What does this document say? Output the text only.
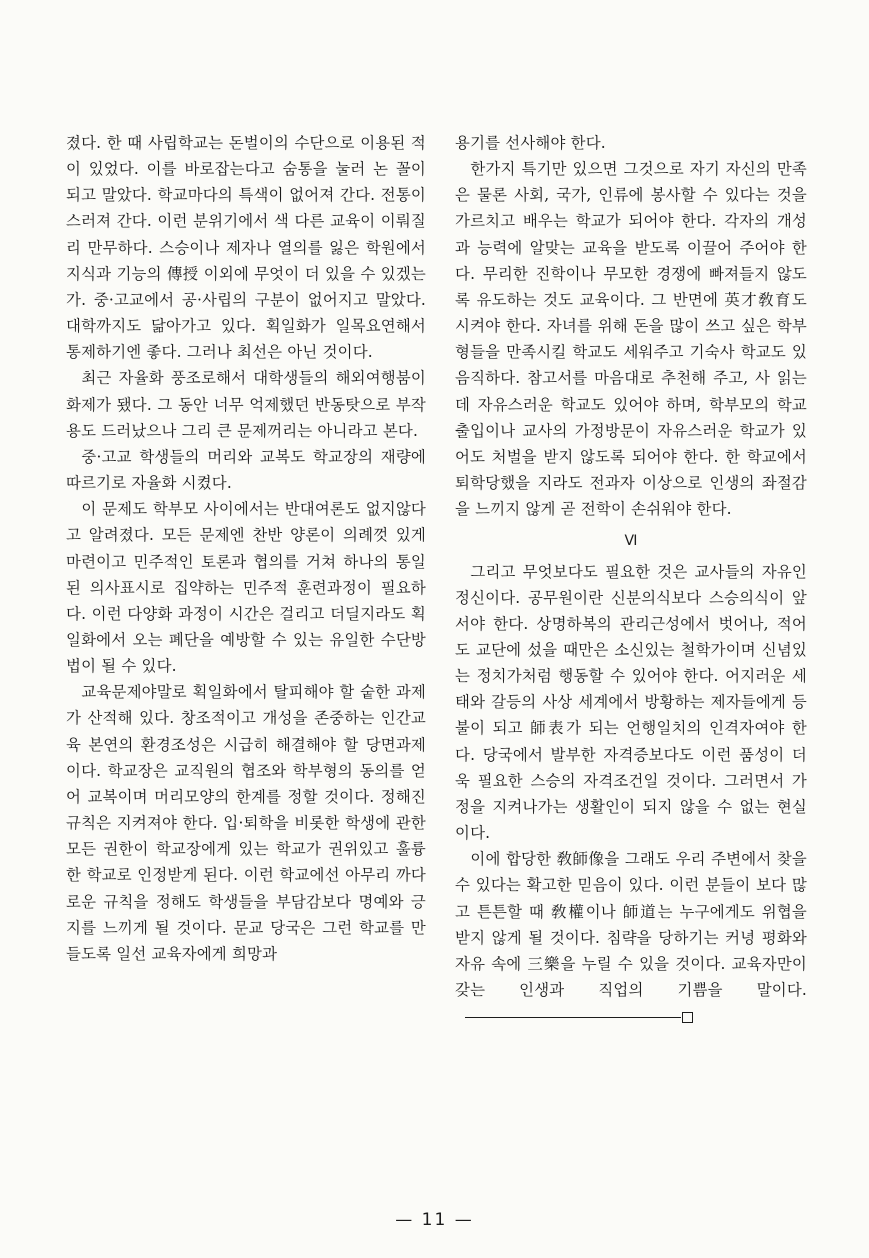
졌다. 한 때 사립학교는 돈벌이의 수단으로 이용된 적이 있었다. 이를 바로잡는다고 숨통을 눌러 논 꼴이 되고 말았다. 학교마다의 특색이 없어져 간다. 전통이 스러져 간다. 이런 분위기에서 색 다른 교육이 이뤄질리 만무하다. 스승이나 제자나 열의를 잃은 학원에서 지식과 기능의 傳授 이외에 무엇이 더 있을 수 있겠는가. 중·고교에서 공·사립의 구분이 없어지고 말았다. 대학까지도 닮아가고 있다. 획일화가 일목요연해서 통제하기엔 좋다. 그러나 최선은 아닌 것이다.

최근 자율화 풍조로해서 대학생들의 해외여행붐이 화제가 됐다. 그 동안 너무 억제했던 반동탓으로 부작용도 드러났으나 그리 큰 문제꺼리는 아니라고 본다.

중·고교 학생들의 머리와 교복도 학교장의 재량에 따르기로 자율화 시켰다.

이 문제도 학부모 사이에서는 반대여론도 없지않다고 알려졌다. 모든 문제엔 찬반 양론이 의례껏 있게 마련이고 민주적인 토론과 협의를 거쳐 하나의 통일된 의사표시로 집약하는 민주적 훈련과정이 필요하다. 이런 다양화 과정이 시간은 걸리고 더딜지라도 획일화에서 오는 폐단을 예방할 수 있는 유일한 수단방법이 될 수 있다.

교육문제야말로 획일화에서 탈피해야 할 숱한 과제가 산적해 있다. 창조적이고 개성을 존중하는 인간교육 본연의 환경조성은 시급히 해결해야 할 당면과제이다. 학교장은 교직원의 협조와 학부형의 동의를 얻어 교복이며 머리모양의 한계를 정할 것이다. 정해진 규칙은 지켜져야 한다. 입·퇴학을 비롯한 학생에 관한 모든 권한이 학교장에게 있는 학교가 권위있고 훌륭한 학교로 인정받게 된다. 이런 학교에선 아무리 까다로운 규칙을 정해도 학생들을 부담감보다 명예와 긍지를 느끼게 될 것이다. 문교 당국은 그런 학교를 만들도록 일선 교육자에게 희망과

용기를 선사해야 한다.

한가지 특기만 있으면 그것으로 자기 자신의 만족은 물론 사회, 국가, 인류에 봉사할 수 있다는 것을 가르치고 배우는 학교가 되어야 한다. 각자의 개성과 능력에 알맞는 교육을 받도록 이끌어 주어야 한다. 무리한 진학이나 무모한 경쟁에 빠져들지 않도록 유도하는 것도 교육이다. 그 반면에 英才敎育도 시켜야 한다. 자녀를 위해 돈을 많이 쓰고 싶은 학부형들을 만족시킬 학교도 세워주고 기숙사 학교도 있음직하다. 참고서를 마음대로 추천해 주고, 사 읽는데 자유스러운 학교도 있어야 하며, 학부모의 학교 출입이나 교사의 가정방문이 자유스러운 학교가 있어도 처벌을 받지 않도록 되어야 한다. 한 학교에서 퇴학당했을 지라도 전과자 이상으로 인생의 좌절감을 느끼지 않게 곧 전학이 손쉬워야 한다.

Ⅵ

그리고 무엇보다도 필요한 것은 교사들의 자유인 정신이다. 공무원이란 신분의식보다 스승의식이 앞서야 한다. 상명하복의 관리근성에서 벗어나, 적어도 교단에 섰을 때만은 소신있는 철학가이며 신념있는 정치가처럼 행동할 수 있어야 한다. 어지러운 세태와 갈등의 사상 세계에서 방황하는 제자들에게 등불이 되고 師表가 되는 언행일치의 인격자여야 한다. 당국에서 발부한 자격증보다도 이런 품성이 더욱 필요한 스승의 자격조건일 것이다. 그러면서 가정을 지켜나가는 생활인이 되지 않을 수 없는 현실이다.

이에 합당한 敎師像을 그래도 우리 주변에서 찾을 수 있다는 확고한 믿음이 있다. 이런 분들이 보다 많고 튼튼할 때 敎權이나 師道는 누구에게도 위협을 받지 않게 될 것이다. 침략을 당하기는 커녕 평화와 자유 속에 三樂을 누릴 수 있을 것이다. 교육자만이 갖는 인생과 직업의 기쁨을 말이다.

— 11 —
